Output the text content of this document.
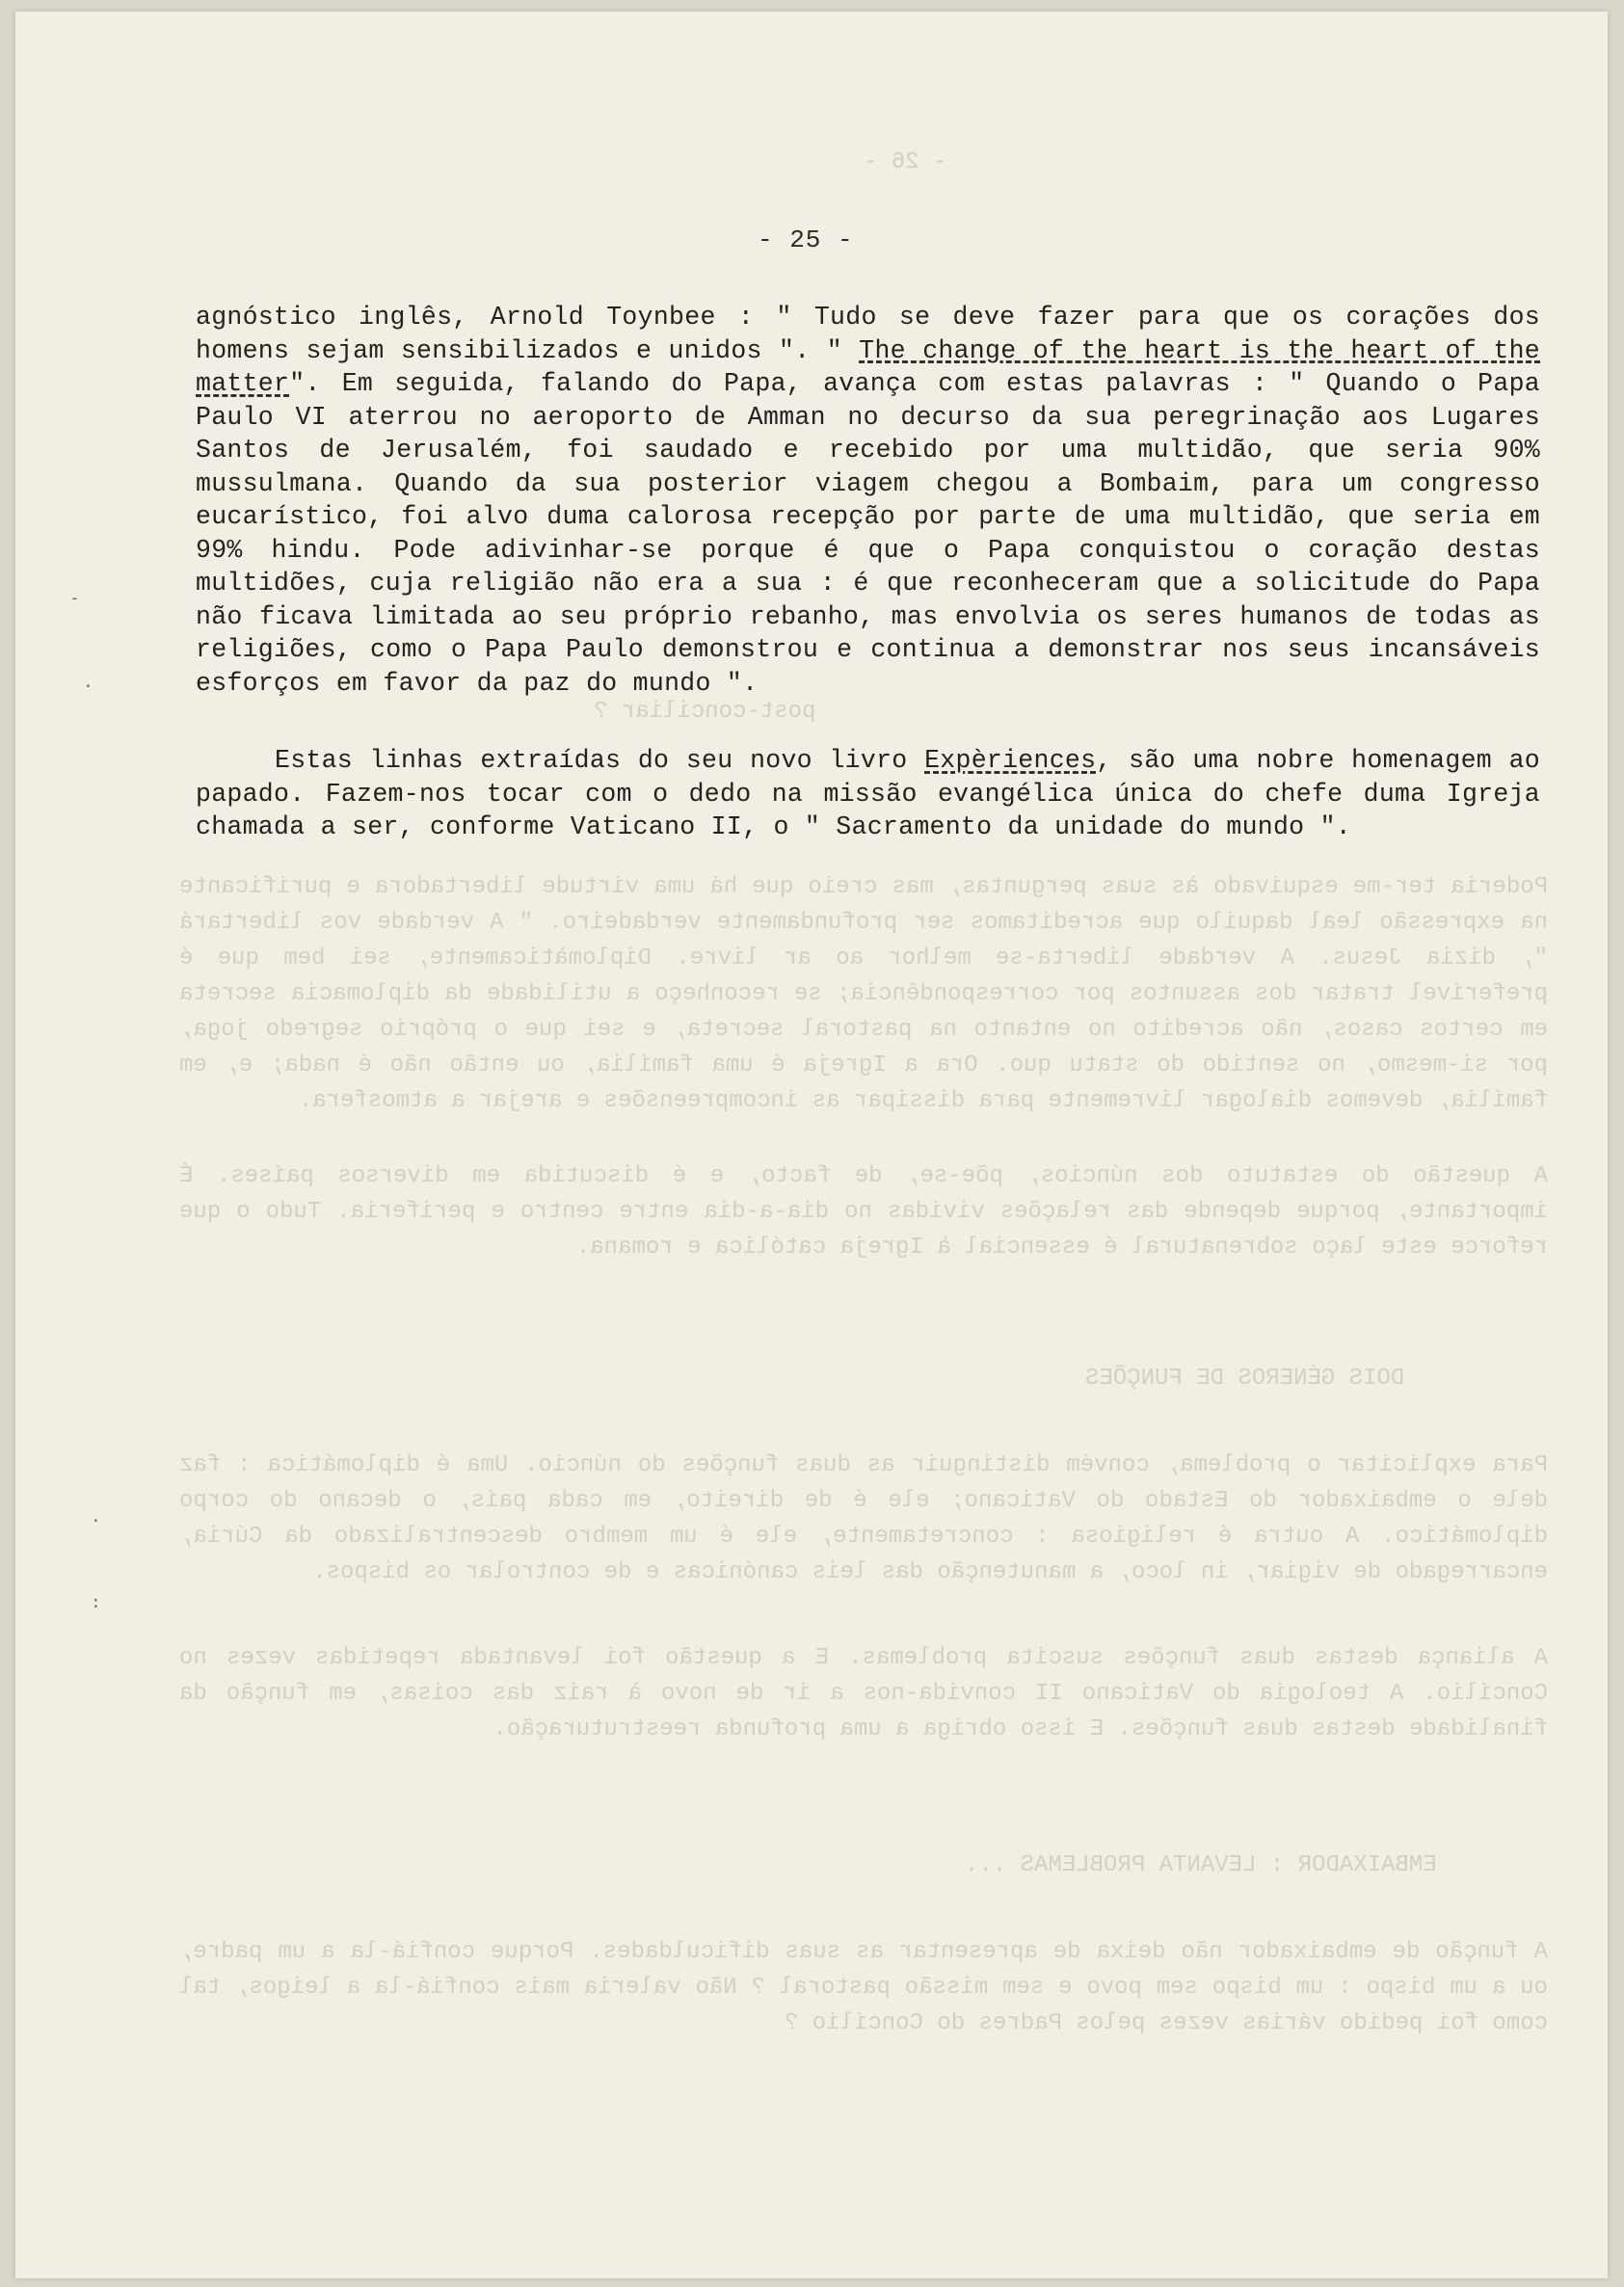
- 26 -
post-conciliar ?
Poderia ter-me esquivado às suas perguntas, mas creio que há uma virtude libertadora e purificante na expressão leal daquilo que acreditamos ser profundamente verdadeiro. " A verdade vos libertará ", dizia Jesus. A verdade liberta-se melhor ao ar livre. Diplomàticamente, sei bem que é preferível tratar dos assuntos por correspondência; se reconheço a utilidade da diplomacia secreta em certos casos, não acredito no entanto na pastoral secreta, e sei que o próprio segredo joga, por si-mesmo, no sentido do statu quo. Ora a Igreja é uma família, ou então não é nada; e, em família, devemos dialogar livremente para dissipar as incompreensões e arejar a atmosfera.
A questão do estatuto dos núncios, põe-se, de facto, e é discutida em diversos países. É importante, porque depende das relações vividas no dia-a-dia entre centro e periferia. Tudo o que reforce este laço sobrenatural é essencial à Igreja católica e romana.
DOIS GÉNEROS DE FUNÇÕES
Para explicitar o problema, convém distinguir as duas funções do núncio. Uma é diplomática : faz dele o embaixador do Estado do Vaticano; ele é de direito, em cada país, o decano do corpo diplomático. A outra é religiosa : concretamente, ele é um membro descentralizado da Cúria, encarregado de vigiar, in loco, a manutenção das leis canónicas e de controlar os bispos.
A aliança destas duas funções suscita problemas. E a questão foi levantada repetidas vezes no Concílio. A teologia do Vaticano II convida-nos a ir de novo à raiz das coisas, em função da finalidade destas duas funções. E isso obriga a uma profunda reestruturação.
EMBAIXADOR : LEVANTA PROBLEMAS ...
A função de embaixador não deixa de apresentar as suas dificuldades. Porque confiá-la a um padre, ou a um bispo : um bispo sem povo e sem missão pastoral ? Não valeria mais confiá-la a leigos, tal como foi pedido várias vezes pelos Padres do Concílio ?
- 25 -

agnóstico inglês, Arnold Toynbee : " Tudo se deve fazer para que os corações dos homens sejam sensibilizados e unidos ". " The change of the heart is the heart of the matter". Em seguida, falando do Papa, avança com estas palavras : " Quando o Papa Paulo VI aterrou no aeroporto de Amman no decurso da sua peregrinação aos Lugares Santos de Jerusalém, foi saudado e recebido por uma multidão, que seria 90% mussulmana. Quando da sua posterior viagem chegou a Bombaim, para um congresso eucarístico, foi alvo duma calorosa recepção por parte de uma multidão, que seria em 99% hindu. Pode adivinhar-se porque é que o Papa conquistou o coração destas multidões, cuja religião não era a sua : é que reconheceram que a solicitude do Papa não ficava limitada ao seu próprio rebanho, mas envolvia os seres humanos de todas as religiões, como o Papa Paulo demonstrou e continua a demonstrar nos seus incansáveis esforços em favor da paz do mundo ".

Estas linhas extraídas do seu novo livro Expèriences, são uma nobre homenagem ao papado. Fazem-nos tocar com o dedo na missão evangélica única do chefe duma Igreja chamada a ser, conforme Vaticano II, o " Sacramento da unidade do mundo ".

-
·
·
:
